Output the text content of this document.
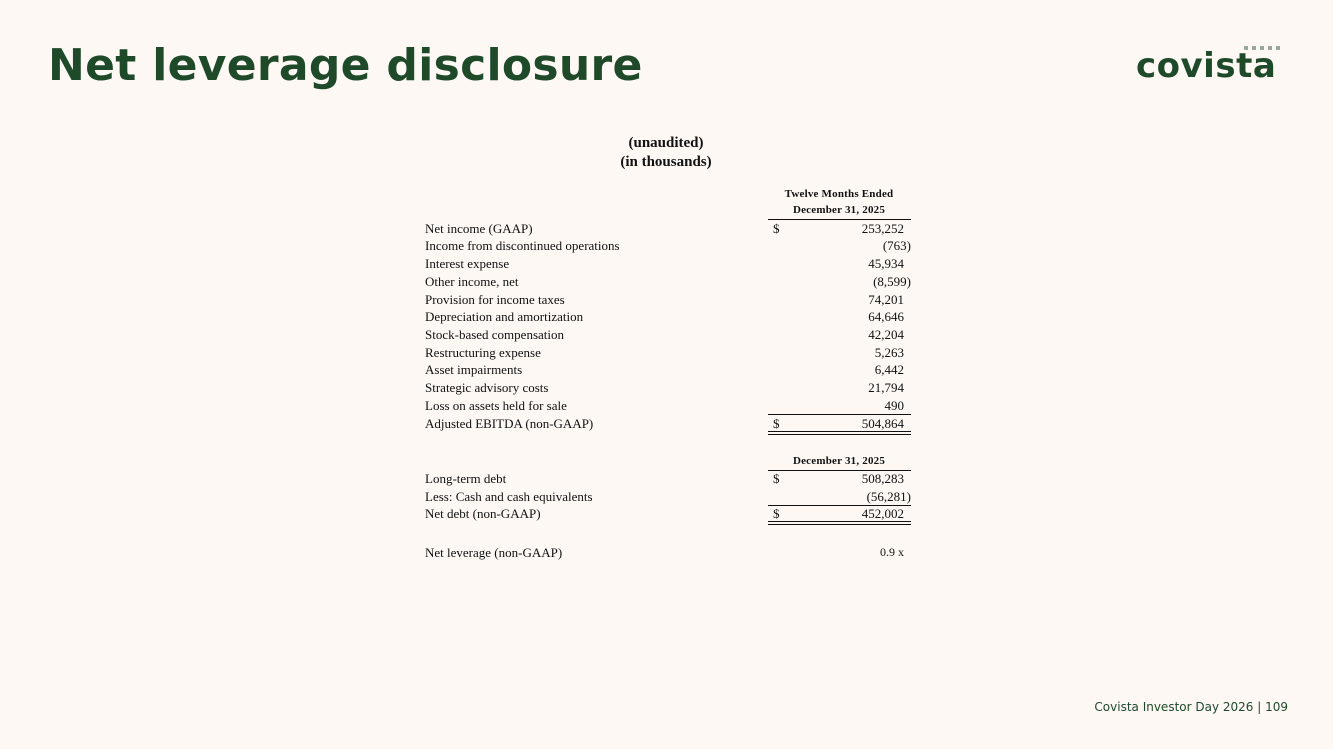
Net leverage disclosure	covista
(unaudited)
(in thousands)
Twelve Months Ended
December 31, 2025
Net income (GAAP)	$	253,252
Income from discontinued operations	(763)
Interest expense	45,934
Other income, net	(8,599)
Provision for income taxes	74,201
Depreciation and amortization	64,646
Stock-based compensation	42,204
Restructuring expense	5,263
Asset impairments	6,442
Strategic advisory costs	21,794
Loss on assets held for sale	490
Adjusted EBITDA (non-GAAP)	$	504,864
December 31, 2025
Long-term debt	$	508,283
Less: Cash and cash equivalents	(56,281)
Net debt (non-GAAP)	$	452,002
Net leverage (non-GAAP)	0.9 x
Covista Investor Day 2026 | 109
